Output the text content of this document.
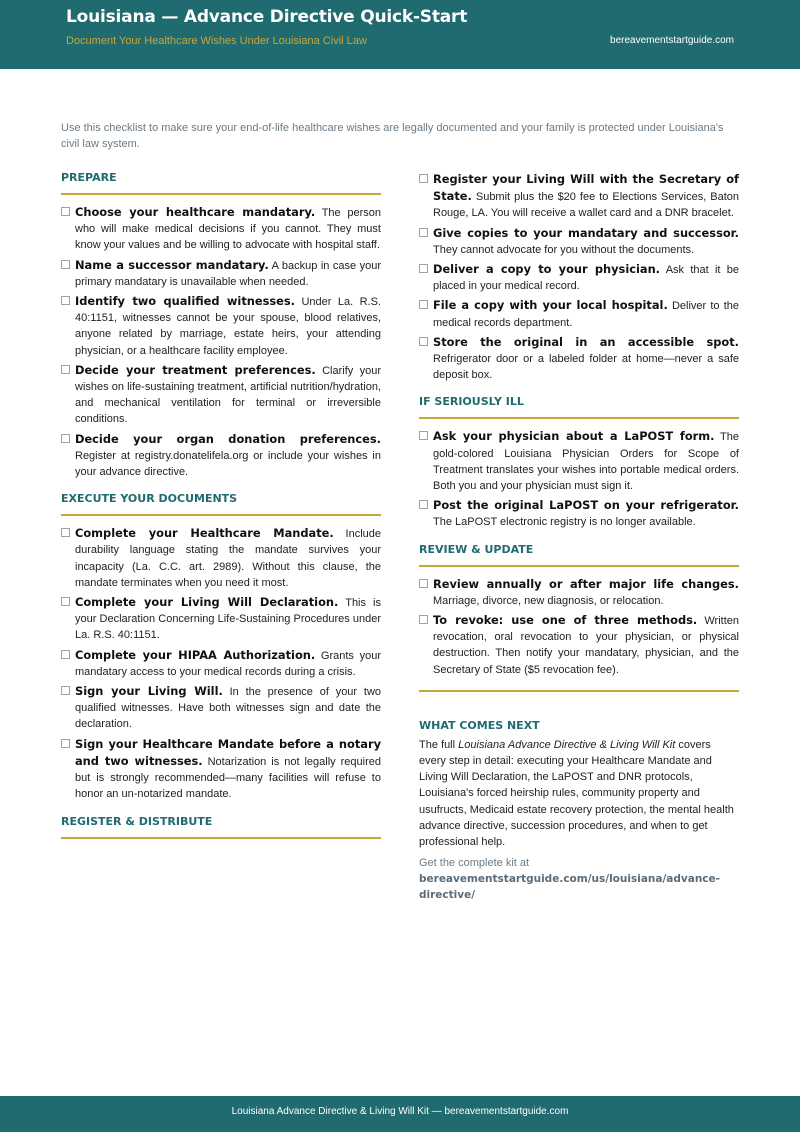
Louisiana — Advance Directive Quick-Start
Document Your Healthcare Wishes Under Louisiana Civil Law	bereavementstartguide.com

Use this checklist to make sure your end-of-life healthcare wishes are legally documented and your family is protected under Louisiana's civil law system.

PREPARE
Choose your healthcare mandatary. The person who will make medical decisions if you cannot. They must know your values and be willing to advocate with hospital staff.
Name a successor mandatary. A backup in case your primary mandatary is unavailable when needed.
Identify two qualified witnesses. Under La. R.S. 40:1151, witnesses cannot be your spouse, blood relatives, anyone related by marriage, estate heirs, your attending physician, or a healthcare facility employee.
Decide your treatment preferences. Clarify your wishes on life-sustaining treatment, artificial nutrition/hydration, and mechanical ventilation for terminal or irreversible conditions.
Decide your organ donation preferences. Register at registry.donatelifela.org or include your wishes in your advance directive.
EXECUTE YOUR DOCUMENTS
Complete your Healthcare Mandate. Include durability language stating the mandate survives your incapacity (La. C.C. art. 2989). Without this clause, the mandate terminates when you need it most.
Complete your Living Will Declaration. This is your Declaration Concerning Life-Sustaining Procedures under La. R.S. 40:1151.
Complete your HIPAA Authorization. Grants your mandatary access to your medical records during a crisis.
Sign your Living Will. In the presence of your two qualified witnesses. Have both witnesses sign and date the declaration.
Sign your Healthcare Mandate before a notary and two witnesses. Notarization is not legally required but is strongly recommended—many facilities will refuse to honor an un-notarized mandate.
REGISTER & DISTRIBUTE
Register your Living Will with the Secretary of State. Submit plus the $20 fee to Elections Services, Baton Rouge, LA. You will receive a wallet card and a DNR bracelet.
Give copies to your mandatary and successor. They cannot advocate for you without the documents.
Deliver a copy to your physician. Ask that it be placed in your medical record.
File a copy with your local hospital. Deliver to the medical records department.
Store the original in an accessible spot. Refrigerator door or a labeled folder at home—never a safe deposit box.
IF SERIOUSLY ILL
Ask your physician about a LaPOST form. The gold-colored Louisiana Physician Orders for Scope of Treatment translates your wishes into portable medical orders. Both you and your physician must sign it.
Post the original LaPOST on your refrigerator. The LaPOST electronic registry is no longer available.
REVIEW & UPDATE
Review annually or after major life changes. Marriage, divorce, new diagnosis, or relocation.
To revoke: use one of three methods. Written revocation, oral revocation to your physician, or physical destruction. Then notify your mandatary, physician, and the Secretary of State ($5 revocation fee).
WHAT COMES NEXT

The full Louisiana Advance Directive & Living Will Kit covers every step in detail: executing your Healthcare Mandate and Living Will Declaration, the LaPOST and DNR protocols, Louisiana's forced heirship rules, community property and usufructs, Medicaid estate recovery protection, the mental health advance directive, succession procedures, and when to get professional help.

Get the complete kit at
bereavementstartguide.com/us/louisiana/advance-directive/

Louisiana Advance Directive & Living Will Kit — bereavementstartguide.com
